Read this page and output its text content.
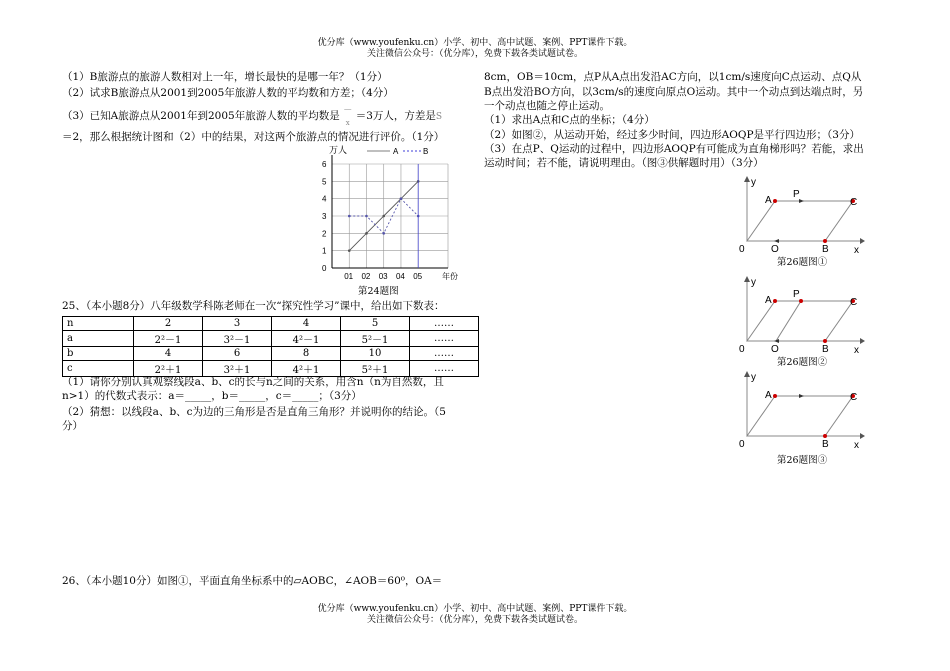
优分库（www.youfenku.cn）小学、初中、高中试题、案例、PPT课件下载。
关注微信公众号：（优分库），免费下载各类试题试卷。
（1）B旅游点的旅游人数相对上一年，增长最快的是哪一年？（1分）
（2）试求B旅游点从2001到2005年旅游人数的平均数和方差；（4分）
（3）已知A旅游点从2001年到2005年旅游人数的平均数是―
x＝3万人，方差是S
＝2，那么根据统计图和（2）中的结果，对这两个旅游点的情况进行评价。（1分）
0
1
2
3
4
5
6
01 02 03 04 05
万人
年份
A	B
第24题图
25、（本小题8分）八年级数学科陈老师在一次“探究性学习”课中，给出如下数表：
n	2	3	4	5	……
a	2²－1	3²－1	4²－1	5²－1	……
b	4	6	8	10	……
c	2²＋1	3²＋1	4²＋1	5²＋1	……
（1）请你分别认真观察线段a、b、c的长与n之间的关系，用含n（n为自然数，且
n>1）的代数式表示：a＝_____，b＝_____，c＝_____；（3分）
（2）猜想：以线段a、b、c为边的三角形是否是直角三角形？并说明你的结论。（5
分）
26、（本小题10分）如图①，平面直角坐标系中的▱AOBC，∠AOB＝60⁰，OA＝
8cm，OB＝10cm，点P从A点出发沿AC方向，以1cm/s速度向C点运动、点Q从
B点出发沿BO方向，以3cm/s的速度向原点O运动。其中一个动点到达端点时，另
一个动点也随之停止运动。
（1）求出A点和C点的坐标；（4分）
（2）如图②，从运动开始，经过多少时间，四边形AOQP是平行四边形；（3分）
（3）在点P、Q运动的过程中，四边形AOQP有可能成为直角梯形吗？若能，求出
运动时间；若不能，请说明理由。（图③供解题时用）（3分）
y
x
A
P
C
0	O	B
第26题图①
y
x
A
P
C
0	O	B
第26题图②
y
x
A	C
0	B
第26题图③
优分库（www.youfenku.cn）小学、初中、高中试题、案例、PPT课件下载。
关注微信公众号：（优分库），免费下载各类试题试卷。
